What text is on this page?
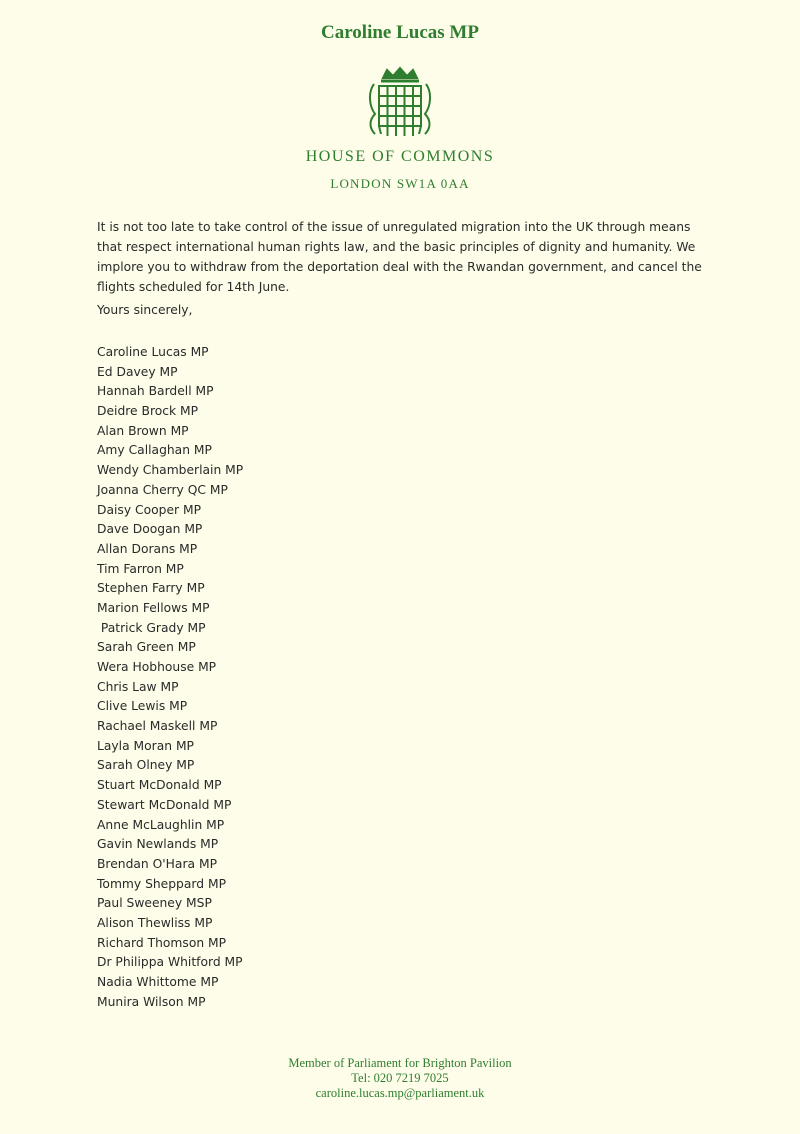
Caroline Lucas MP
HOUSE OF COMMONS
LONDON SW1A 0AA
It is not too late to take control of the issue of unregulated migration into the UK through means that respect international human rights law, and the basic principles of dignity and humanity. We implore you to withdraw from the deportation deal with the Rwandan government, and cancel the flights scheduled for 14th June.
Yours sincerely,
Caroline Lucas MP
Ed Davey MP
Hannah Bardell MP
Deidre Brock MP
Alan Brown MP
Amy Callaghan MP
Wendy Chamberlain MP
Joanna Cherry QC MP
Daisy Cooper MP
Dave Doogan MP
Allan Dorans MP
Tim Farron MP
Stephen Farry MP
Marion Fellows MP
Patrick Grady MP
Sarah Green MP
Wera Hobhouse MP
Chris Law MP
Clive Lewis MP
Rachael Maskell MP
Layla Moran MP
Sarah Olney MP
Stuart McDonald MP
Stewart McDonald MP
Anne McLaughlin MP
Gavin Newlands MP
Brendan O'Hara MP
Tommy Sheppard MP
Paul Sweeney MSP
Alison Thewliss MP
Richard Thomson MP
Dr Philippa Whitford MP
Nadia Whittome MP
Munira Wilson MP
Member of Parliament for Brighton Pavilion
Tel: 020 7219 7025
caroline.lucas.mp@parliament.uk
